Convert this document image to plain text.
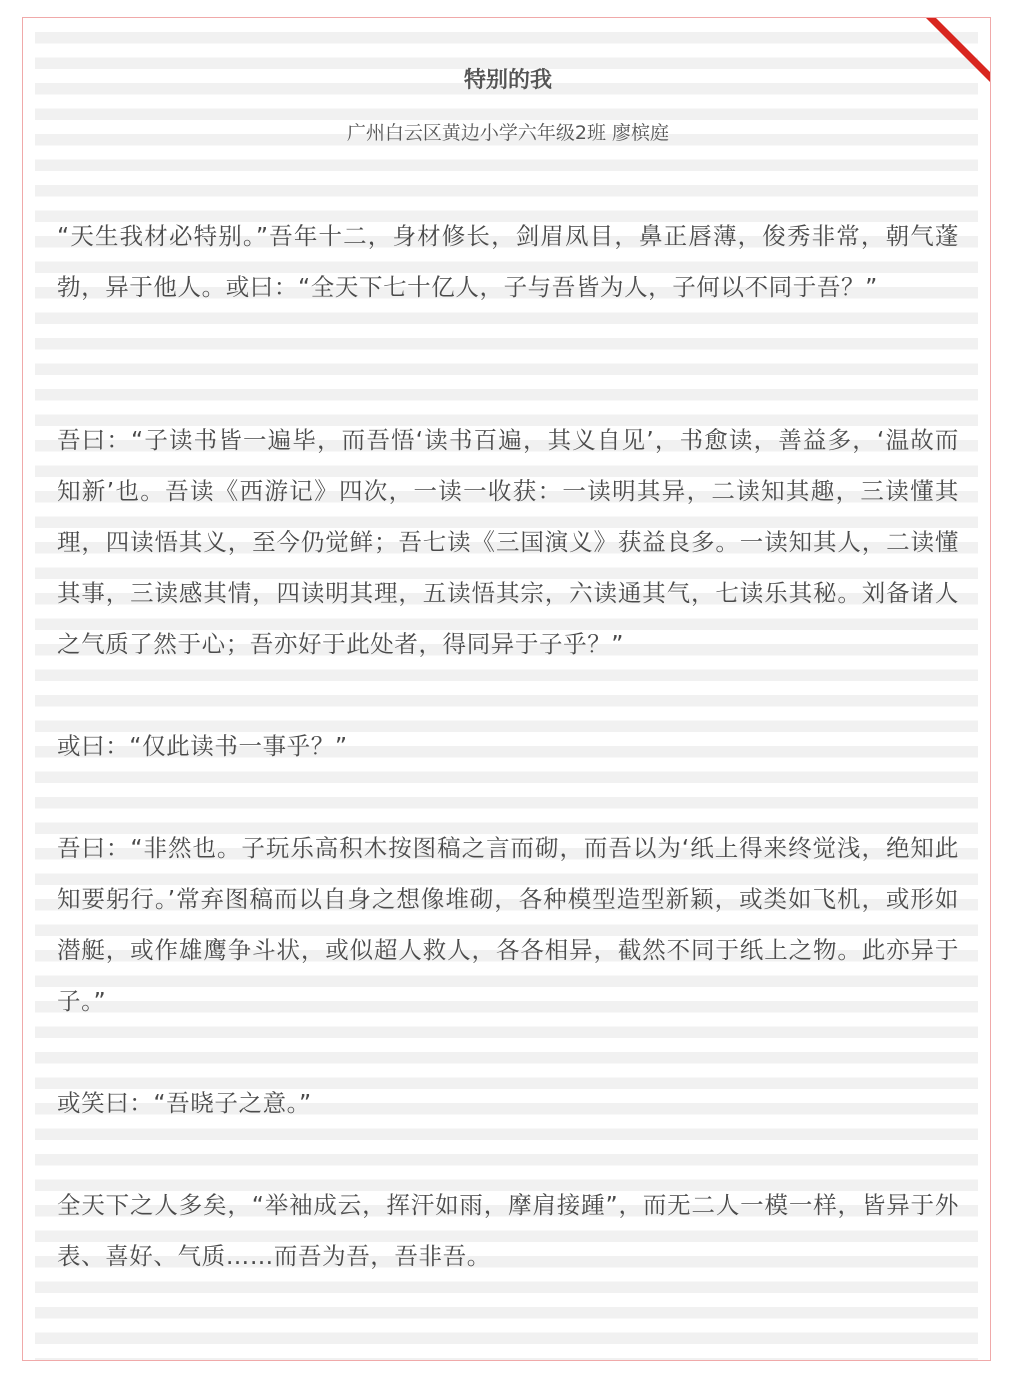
特别的我
广州白云区黄边小学六年级2班 廖槟庭

“天生我材必特别。”吾年十二，身材修长，剑眉凤目，鼻正唇薄，俊秀非常，朝气蓬勃，异于他人。或曰：“全天下七十亿人，子与吾皆为人，子何以不同于吾？”

吾曰：“子读书皆一遍毕，而吾悟‘读书百遍，其义自见’，书愈读，善益多，‘温故而知新’也。吾读《西游记》四次，一读一收获：一读明其异，二读知其趣，三读懂其理，四读悟其义，至今仍觉鲜；吾七读《三国演义》获益良多。一读知其人，二读懂其事，三读感其情，四读明其理，五读悟其宗，六读通其气，七读乐其秘。刘备诸人之气质了然于心；吾亦好于此处者，得同异于子乎？”

或曰：“仅此读书一事乎？”

吾曰：“非然也。子玩乐高积木按图稿之言而砌，而吾以为‘纸上得来终觉浅，绝知此知要躬行。’常弃图稿而以自身之想像堆砌，各种模型造型新颖，或类如飞机，或形如潜艇，或作雄鹰争斗状，或似超人救人，各各相异，截然不同于纸上之物。此亦异于子。”

或笑曰：“吾晓子之意。”

全天下之人多矣，“举袖成云，挥汗如雨，摩肩接踵”，而无二人一模一样，皆异于外表、喜好、气质……而吾为吾，吾非吾。
